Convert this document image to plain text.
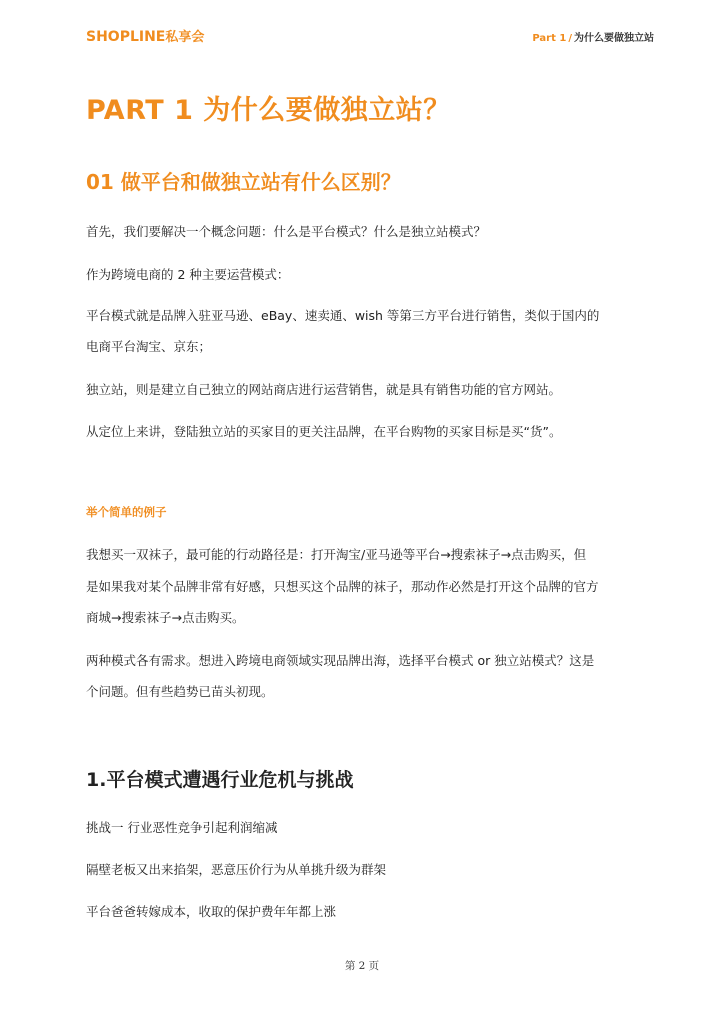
SHOPLINE私享会	Part 1 / 为什么要做独立站
PART 1 为什么要做独立站？
01 做平台和做独立站有什么区别？
首先，我们要解决一个概念问题：什么是平台模式？什么是独立站模式？
作为跨境电商的 2 种主要运营模式：
平台模式就是品牌入驻亚马逊、eBay、速卖通、wish 等第三方平台进行销售，类似于国内的
电商平台淘宝、京东；
独立站，则是建立自己独立的网站商店进行运营销售，就是具有销售功能的官方网站。
从定位上来讲，登陆独立站的买家目的更关注品牌，在平台购物的买家目标是买“货”。
举个简单的例子
我想买一双袜子，最可能的行动路径是：打开淘宝/亚马逊等平台→搜索袜子→点击购买，但
是如果我对某个品牌非常有好感，只想买这个品牌的袜子，那动作必然是打开这个品牌的官方
商城→搜索袜子→点击购买。
两种模式各有需求。想进入跨境电商领域实现品牌出海，选择平台模式 or 独立站模式？这是
个问题。但有些趋势已苗头初现。
1.平台模式遭遇行业危机与挑战
挑战一 行业恶性竞争引起利润缩减
隔壁老板又出来掐架，恶意压价行为从单挑升级为群架
平台爸爸转嫁成本，收取的保护费年年都上涨
第 2 页
